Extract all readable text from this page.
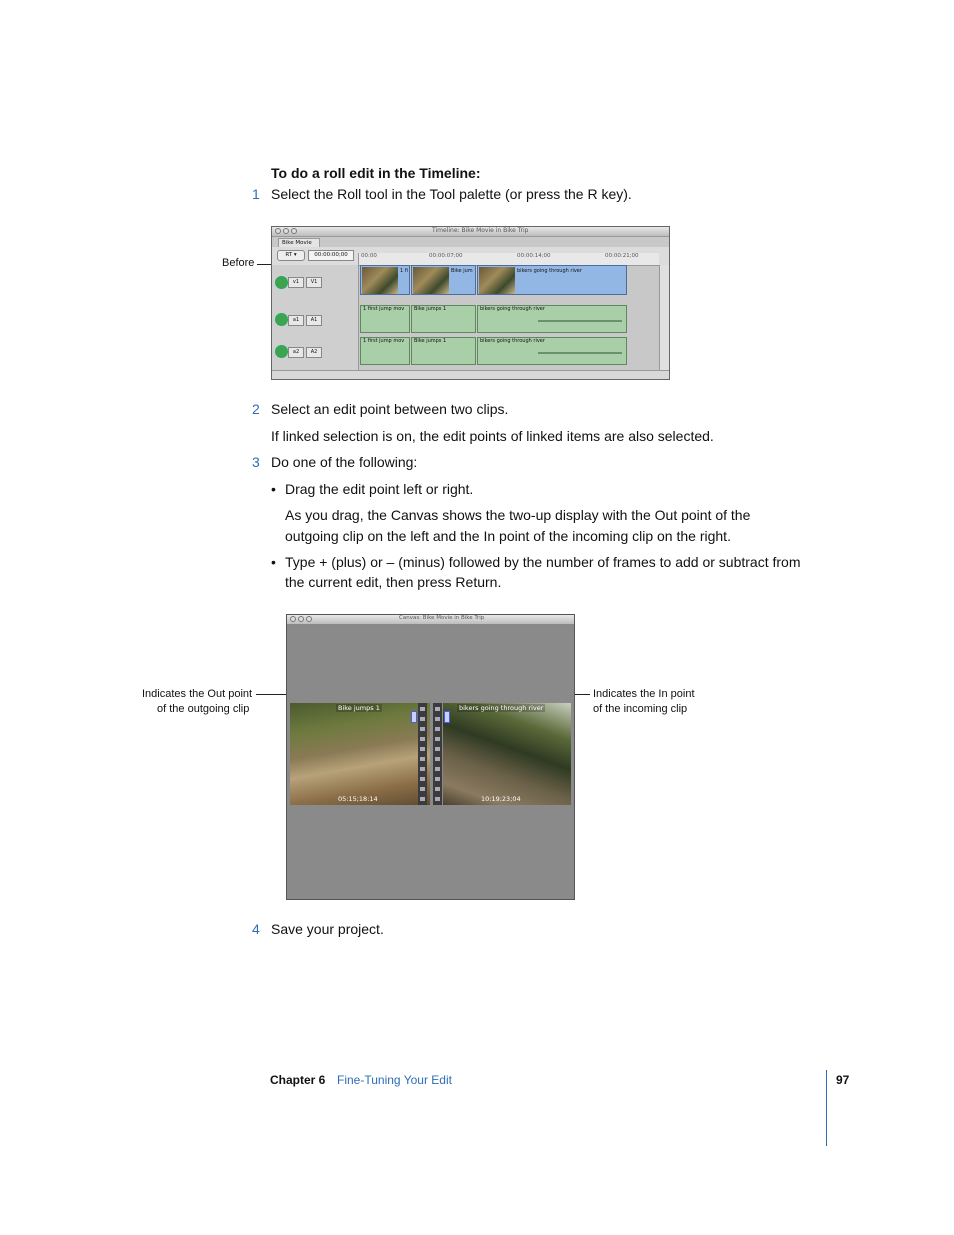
To do a roll edit in the Timeline:
1 Select the Roll tool in the Tool palette (or press the R key).
Before
Timeline: Bike Movie in Bike Trip
Bike Movie
RT ▾	00:00:00;00	00:00	00:00:07;00	00:00:14;00	00:00:21;00
v1	V1
a1	A1
a2	A2
1 fi	Bike jum	bikers going through river
1 first jump mov	Bike jumps 1	bikers going through river
1 first jump mov	Bike jumps 1	bikers going through river
2 Select an edit point between two clips.
If linked selection is on, the edit points of linked items are also selected.
3 Do one of the following:
• Drag the edit point left or right.
As you drag, the Canvas shows the two-up display with the Out point of the
outgoing clip on the left and the In point of the incoming clip on the right.
• Type + (plus) or – (minus) followed by the number of frames to add or subtract from
the current edit, then press Return.
Indicates the Out point
of the outgoing clip
Indicates the In point
of the incoming clip
Canvas: Bike Movie in Bike Trip
Bike jumps 1
05:15;18:14
bikers going through river
10:19;23;04
4 Save your project.
Chapter 6 Fine-Tuning Your Edit	97
